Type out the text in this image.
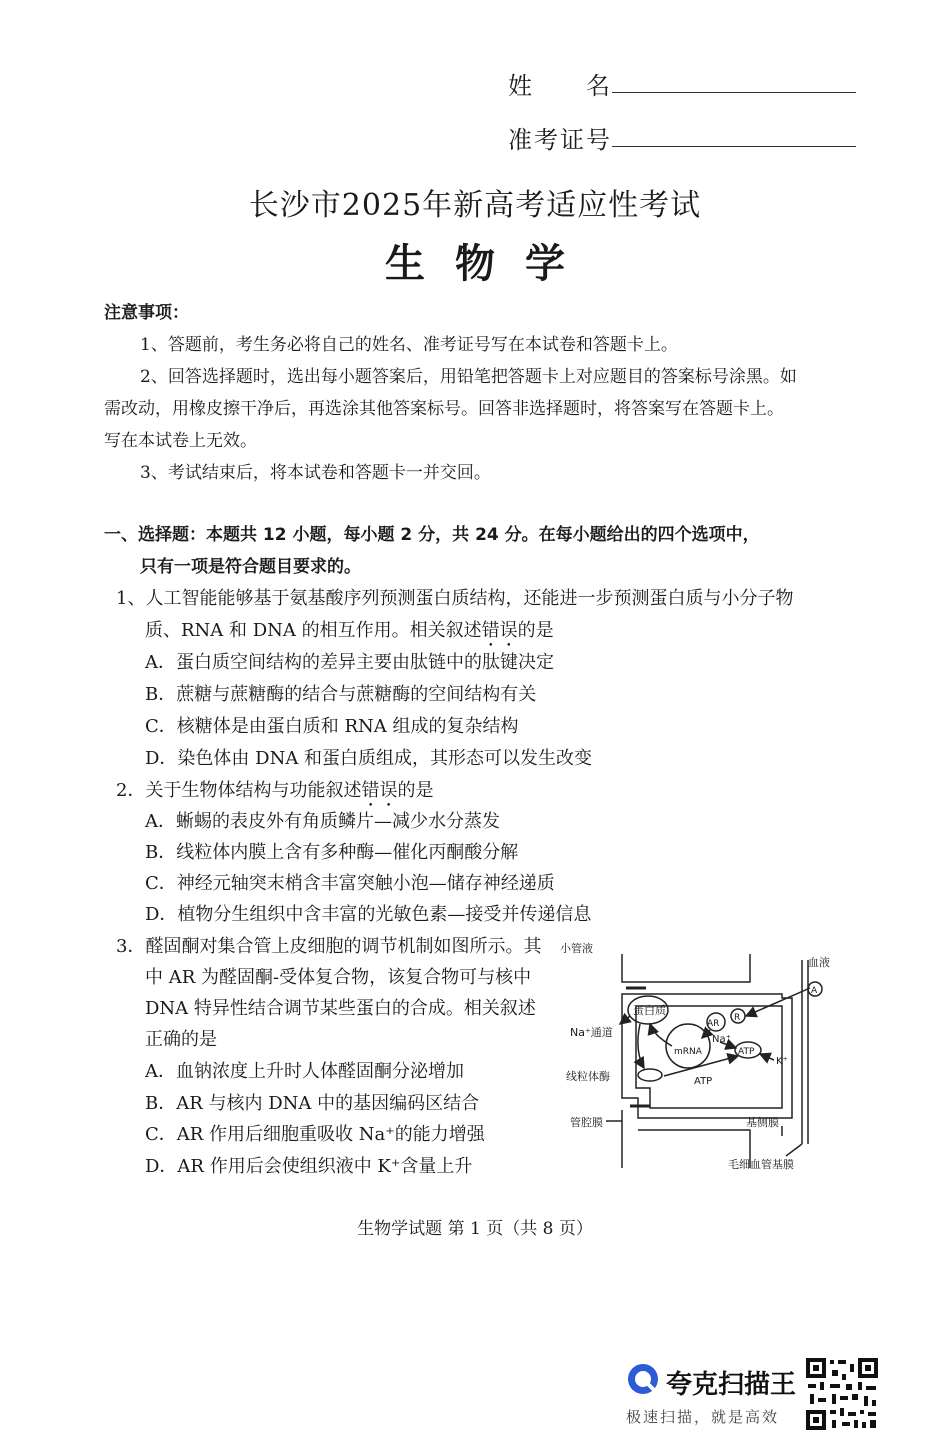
姓　　名
准考证号
长沙市2025年新高考适应性考试
生物学
注意事项：
1、答题前，考生务必将自己的姓名、准考证号写在本试卷和答题卡上。
2、回答选择题时，选出每小题答案后，用铅笔把答题卡上对应题目的答案标号涂黑。如
需改动，用橡皮擦干净后，再选涂其他答案标号。回答非选择题时，将答案写在答题卡上。
写在本试卷上无效。
3、考试结束后，将本试卷和答题卡一并交回。
一、选择题：本题共 12 小题，每小题 2 分，共 24 分。在每小题给出的四个选项中，
只有一项是符合题目要求的。
1、人工智能能够基于氨基酸序列预测蛋白质结构，还能进一步预测蛋白质与小分子物
质、RNA 和 DNA 的相互作用。相关叙述错误的是
A．蛋白质空间结构的差异主要由肽链中的肽键决定
B．蔗糖与蔗糖酶的结合与蔗糖酶的空间结构有关
C．核糖体是由蛋白质和 RNA 组成的复杂结构
D．染色体由 DNA 和蛋白质组成，其形态可以发生改变
2．关于生物体结构与功能叙述错误的是
A．蜥蜴的表皮外有角质鳞片—减少水分蒸发
B．线粒体内膜上含有多种酶—催化丙酮酸分解
C．神经元轴突末梢含丰富突触小泡—储存神经递质
D．植物分生组织中含丰富的光敏色素—接受并传递信息
3．醛固酮对集合管上皮细胞的调节机制如图所示。其
中 AR 为醛固酮-受体复合物，该复合物可与核中
DNA 特异性结合调节某些蛋白的合成。相关叙述
正确的是
A．血钠浓度上升时人体醛固酮分泌增加
B．AR 与核内 DNA 中的基因编码区结合
C．AR 作用后细胞重吸收 Na⁺的能力增强
D．AR 作用后会使组织液中 K⁺含量上升
小管液
血液
蛋白质
Na⁺通道
线粒体酶
管腔膜	基侧膜
毛细血管基膜
AR
R
A
mRNA
Na⁺
ATP
ATP
K⁺
生物学试题 第 1 页（共 8 页）
夸克扫描王
极速扫描，就是高效
